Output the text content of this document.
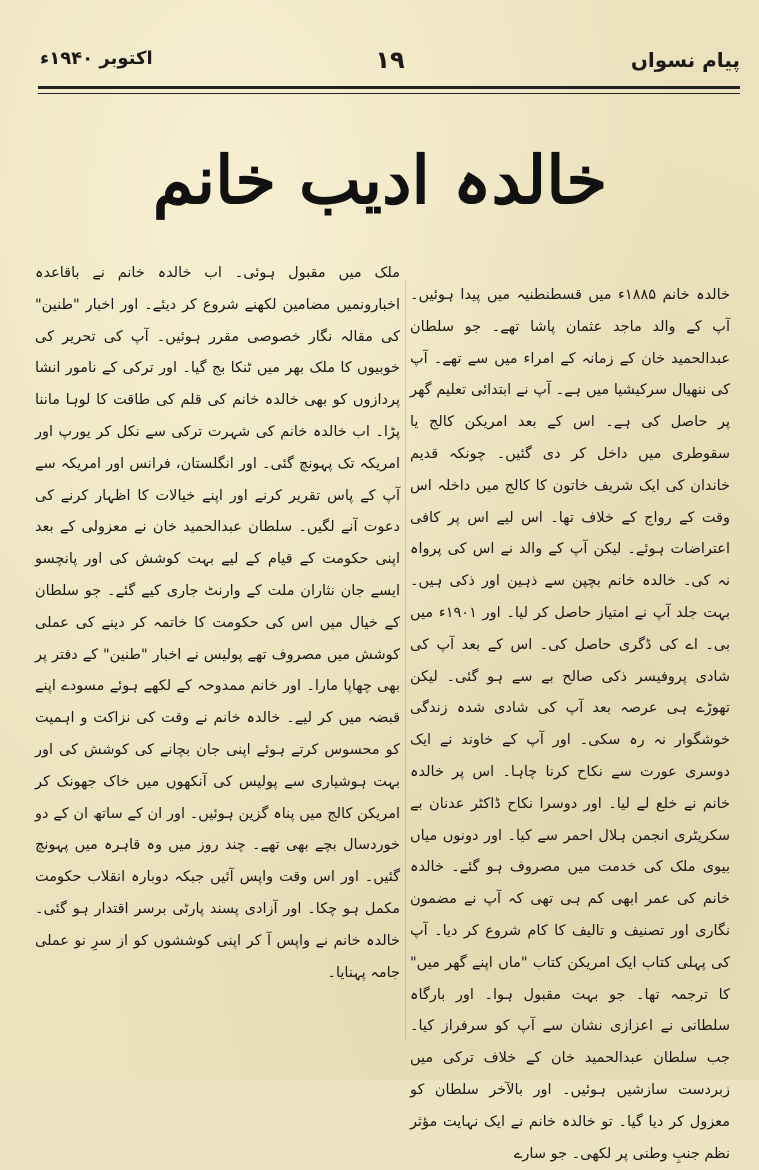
پیام نسواں
۱۹
اکتوبر ۱۹۴۰ء
خالدہ ادیب خانم

خالدہ خانم ۱۸۸۵ء میں قسطنطنیہ میں پیدا ہوئیں۔ آپ کے والد ماجد عثمان پاشا تھے۔ جو سلطان عبدالحمید خان کے زمانہ کے امراء میں سے تھے۔ آپ کی ننھیال سرکیشیا میں ہے۔ آپ نے ابتدائی تعلیم گھر پر حاصل کی ہے۔ اس کے بعد امریکن کالج یا سقوطری میں داخل کر دی گئیں۔ چونکہ قدیم خاندان کی ایک شریف خاتون کا کالج میں داخلہ اس وقت کے رواج کے خلاف تھا۔ اس لیے اس پر کافی اعتراضات ہوئے۔ لیکن آپ کے والد نے اس کی پرواہ نہ کی۔ خالدہ خانم بچپن سے ذہین اور ذکی ہیں۔ بہت جلد آپ نے امتیاز حاصل کر لیا۔ اور ۱۹۰۱ء میں بی۔ اے کی ڈگری حاصل کی۔ اس کے بعد آپ کی شادی پروفیسر ذکی صالح بے سے ہو گئی۔ لیکن تھوڑے ہی عرصہ بعد آپ کی شادی شدہ زندگی خوشگوار نہ رہ سکی۔ اور آپ کے خاوند نے ایک دوسری عورت سے نکاح کرنا چاہا۔ اس پر خالدہ خانم نے خلع لے لیا۔ اور دوسرا نکاح ڈاکٹر عدنان بے سکریٹری انجمن ہلال احمر سے کیا۔ اور دونوں میاں بیوی ملک کی خدمت میں مصروف ہو گئے۔ خالدہ خانم کی عمر ابھی کم ہی تھی کہ آپ نے مضمون نگاری اور تصنیف و تالیف کا کام شروع کر دیا۔ آپ کی پہلی کتاب ایک امریکن کتاب "ماں اپنے گھر میں" کا ترجمہ تھا۔ جو بہت مقبول ہوا۔ اور بارگاہ سلطانی نے اعزازی نشان سے آپ کو سرفراز کیا۔ جب سلطان عبدالحمید خان کے خلاف ترکی میں زبردست سازشیں ہوئیں۔ اور بالآخر سلطان کو معزول کر دیا گیا۔ تو خالدہ خانم نے ایک نہایت مؤثر نظم جنبِ وطنی پر لکھی۔ جو سارے

ملک میں مقبول ہوئی۔ اب خالدہ خانم نے باقاعدہ اخبارونمیں مضامین لکھنے شروع کر دیئے۔ اور اخبار "طنین" کی مقالہ نگار خصوصی مقرر ہوئیں۔ آپ کی تحریر کی خوبیوں کا ملک بھر میں ٹنکا بج گیا۔ اور ترکی کے نامور انشا پردازوں کو بھی خالدہ خانم کی قلم کی طاقت کا لوہا ماننا پڑا۔ اب خالدہ خانم کی شہرت ترکی سے نکل کر یورپ اور امریکہ تک پہونچ گئی۔ اور انگلستان، فرانس اور امریکہ سے آپ کے پاس تقریر کرنے اور اپنے خیالات کا اظہار کرنے کی دعوت آنے لگیں۔ سلطان عبدالحمید خان نے معزولی کے بعد اپنی حکومت کے قیام کے لیے بہت کوشش کی اور پانچسو ایسے جان نثاران ملت کے وارنٹ جاری کیے گئے۔ جو سلطان کے خیال میں اس کی حکومت کا خاتمہ کر دینے کی عملی کوشش میں مصروف تھے پولیس نے اخبار "طنین" کے دفتر پر بھی چھاپا مارا۔ اور خانم ممدوحہ کے لکھے ہوئے مسودے اپنے قبضہ میں کر لیے۔ خالدہ خانم نے وقت کی نزاکت و اہمیت کو محسوس کرتے ہوئے اپنی جان بچانے کی کوشش کی اور بہت ہوشیاری سے پولیس کی آنکھوں میں خاک جھونک کر امریکن کالج میں پناہ گزین ہوئیں۔ اور ان کے ساتھ ان کے دو خوردسال بچے بھی تھے۔ چند روز میں وہ قاہرہ میں پہونچ گئیں۔ اور اس وقت واپس آئیں جبکہ دوبارہ انقلاب حکومت مکمل ہو چکا۔ اور آزادی پسند پارٹی برسر اقتدار ہو گئی۔ خالدہ خانم نے واپس آ کر اپنی کوششوں کو از سرِ نو عملی جامہ پہنایا۔
